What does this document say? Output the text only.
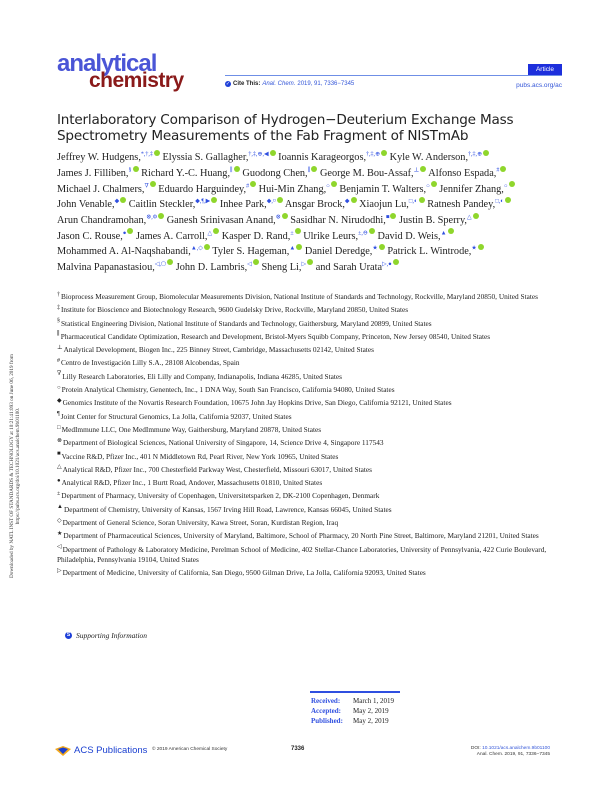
Downloaded by NATL INST OF STANDARDS & TECHNOLOGY at 10:21:41:093 on June 06, 2019 from https://pubs.acs.org/doi/10.1021/acs.analchem.9b01100.
analytical
chemistry	Article
✓ Cite This: Anal. Chem. 2019, 91, 7336−7345	pubs.acs.org/ac
Interlaboratory Comparison of Hydrogen−Deuterium Exchange Mass Spectrometry Measurements of the Fab Fragment of NISTmAb
Jeffrey W. Hudgens,*,†,‡ Elyssia S. Gallagher,†,‡,⊕,◀ Ioannis Karageorgos,†,‡,⊕ Kyle W. Anderson,†,‡,⊕ James J. Filliben,§ Richard Y.-C. Huang,∥ Guodong Chen,∥ George M. Bou-Assaf,⊥ Alfonso Espada,# Michael J. Chalmers,∇ Eduardo Harguindey,# Hui-Min Zhang,○ Benjamin T. Walters,○ Jennifer Zhang,○ John Venable,◆ Caitlin Steckler,◆,¶,▶ Inhee Park,◆,¤ Ansgar Brock,◆ Xiaojun Lu,□,◐ Ratnesh Pandey,□,◐ Arun Chandramohan,$^{\otimes,\Phi}$ Ganesh Srinivasan Anand,⊗ Sasidhar N. Nirudodhi,■ Justin B. Sperry,△ Jason C. Rouse,● James A. Carroll,△ Kasper D. Rand,± Ulrike Leurs,±,⊖ David D. Weis,▲ Mohammed A. Al-Naqshabandi,▲,◇ Tyler S. Hageman,▲ Daniel Deredge,★ Patrick L. Wintrode,★ Malvina Papanastasiou,◁,⬠ John D. Lambris,◁ Sheng Li,▷ and Sarah Urata▷,●
†Bioprocess Measurement Group, Biomolecular Measurements Division, National Institute of Standards and Technology, Rockville, Maryland 20850, United States
‡Institute for Bioscience and Biotechnology Research, 9600 Gudelsky Drive, Rockville, Maryland 20850, United States
§Statistical Engineering Division, National Institute of Standards and Technology, Gaithersburg, Maryland 20899, United States
∥Pharmaceutical Candidate Optimization, Research and Development, Bristol-Myers Squibb Company, Princeton, New Jersey 08540, United States
⊥Analytical Development, Biogen Inc., 225 Binney Street, Cambridge, Massachusetts 02142, United States
#Centro de Investigación Lilly S.A., 28108 Alcobendas, Spain
∇Lilly Research Laboratories, Eli Lilly and Company, Indianapolis, Indiana 46285, United States
○Protein Analytical Chemistry, Genentech, Inc., 1 DNA Way, South San Francisco, California 94080, United States
◆Genomics Institute of the Novartis Research Foundation, 10675 John Jay Hopkins Drive, San Diego, California 92121, United States
¶Joint Center for Structural Genomics, La Jolla, California 92037, United States
□MedImmune LLC, One MedImmune Way, Gaithersburg, Maryland 20878, United States
⊗Department of Biological Sciences, National University of Singapore, 14, Science Drive 4, Singapore 117543
■Vaccine R&D, Pfizer Inc., 401 N Middletown Rd, Pearl River, New York 10965, United States
△Analytical R&D, Pfizer Inc., 700 Chesterfield Parkway West, Chesterfield, Missouri 63017, United States
●Analytical R&D, Pfizer Inc., 1 Burtt Road, Andover, Massachusetts 01810, United States
±Department of Pharmacy, University of Copenhagen, Universitetsparken 2, DK-2100 Copenhagen, Denmark
▲Department of Chemistry, University of Kansas, 1567 Irving Hill Road, Lawrence, Kansas 66045, United States
◇Department of General Science, Soran University, Kawa Street, Soran, Kurdistan Region, Iraq
★Department of Pharmaceutical Sciences, University of Maryland, Baltimore, School of Pharmacy, 20 North Pine Street, Baltimore, Maryland 21201, United States
◁Department of Pathology & Laboratory Medicine, Perelman School of Medicine, 402 Stellar-Chance Laboratories, University of Pennsylvania, 422 Curie Boulevard, Philadelphia, Pennsylvania 19104, United States
▷Department of Medicine, University of California, San Diego, 9500 Gilman Drive, La Jolla, California 92093, United States
S Supporting Information
Received:	March 1, 2019
Accepted:	May 2, 2019
Published:	May 2, 2019
ACS Publications © 2019 American Chemical Society	7336	DOI: 10.1021/acs.analchem.9b01100
Anal. Chem. 2019, 91, 7336−7345
